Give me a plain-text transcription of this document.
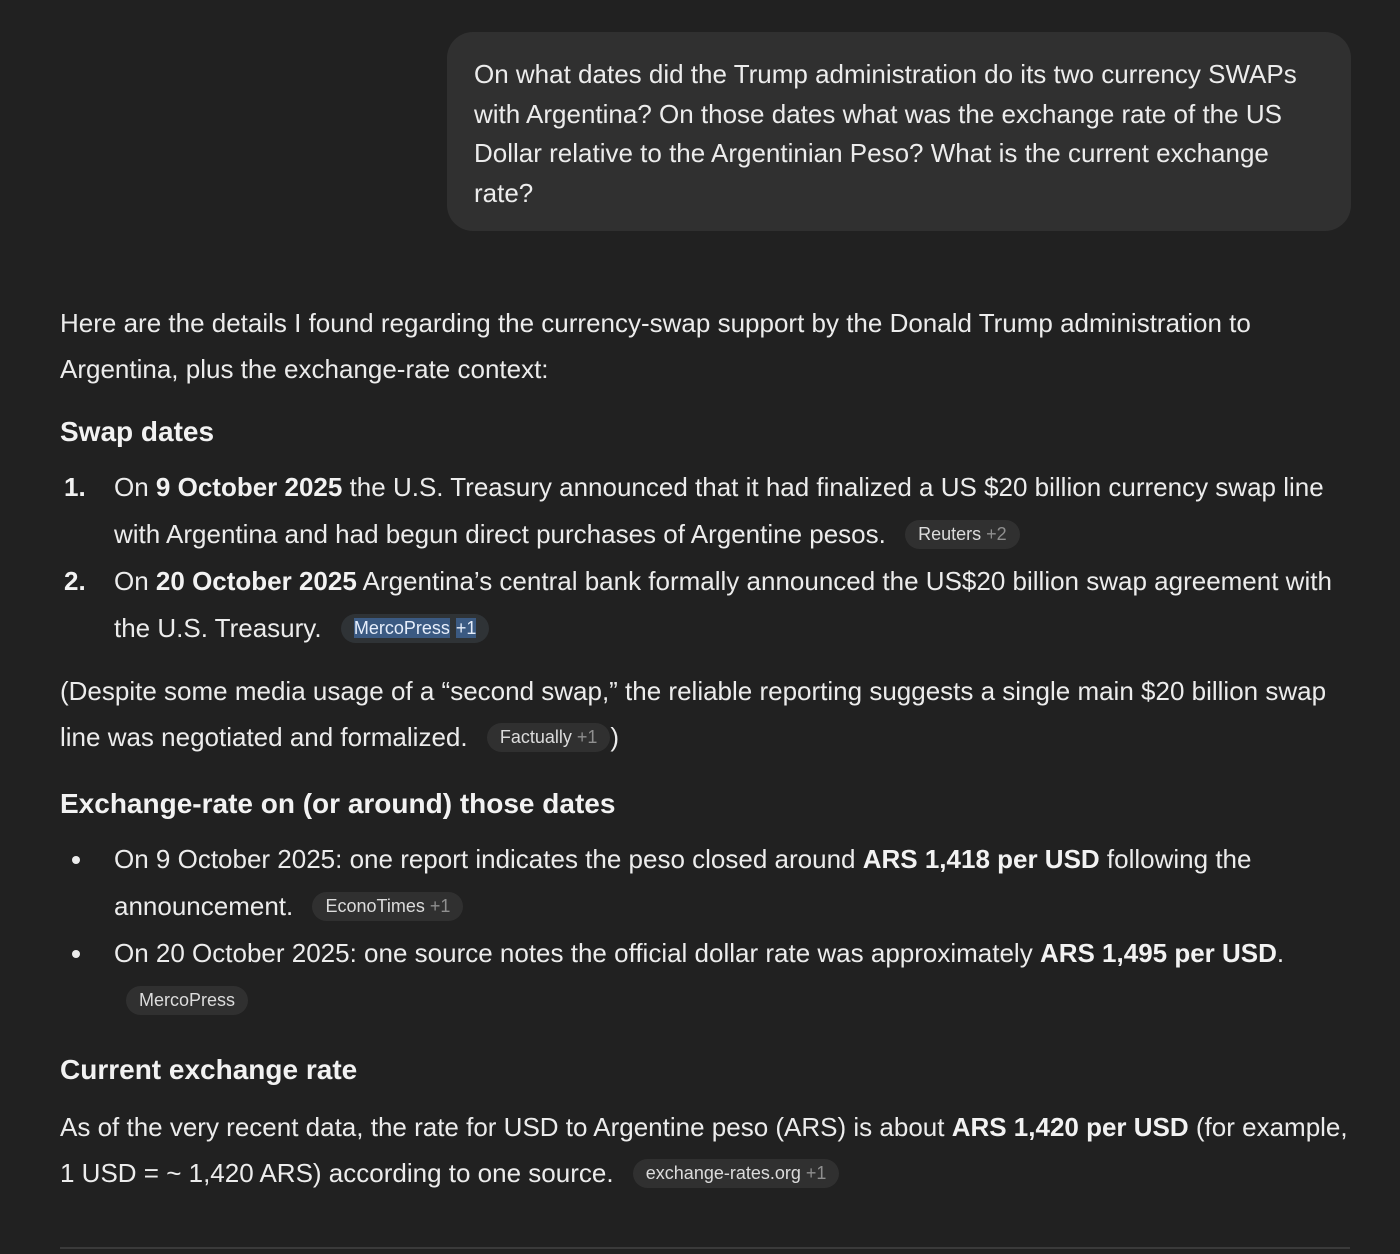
On what dates did the Trump administration do its two currency SWAPs with Argentina? On those dates what was the exchange rate of the US Dollar relative to the Argentinian Peso? What is the current exchange rate?

Here are the details I found regarding the currency-swap support by the Donald Trump administration to Argentina, plus the exchange-rate context:

Swap dates
1. On 9 October 2025 the U.S. Treasury announced that it had finalized a US $20 billion currency swap line with Argentina and had begun direct purchases of Argentine pesos. Reuters +2
2. On 20 October 2025 Argentina’s central bank formally announced the US$20 billion swap agreement with the U.S. Treasury. MercoPress +1

(Despite some media usage of a “second swap,” the reliable reporting suggests a single main $20 billion swap line was negotiated and formalized. Factually +1 )

Exchange-rate on (or around) those dates
On 9 October 2025: one report indicates the peso closed around ARS 1,418 per USD following the announcement. EconoTimes +1
On 20 October 2025: one source notes the official dollar rate was approximately ARS 1,495 per USD. MercoPress
Current exchange rate

As of the very recent data, the rate for USD to Argentine peso (ARS) is about ARS 1,420 per USD (for example, 1 USD = ~ 1,420 ARS) according to one source. exchange-rates.org +1
